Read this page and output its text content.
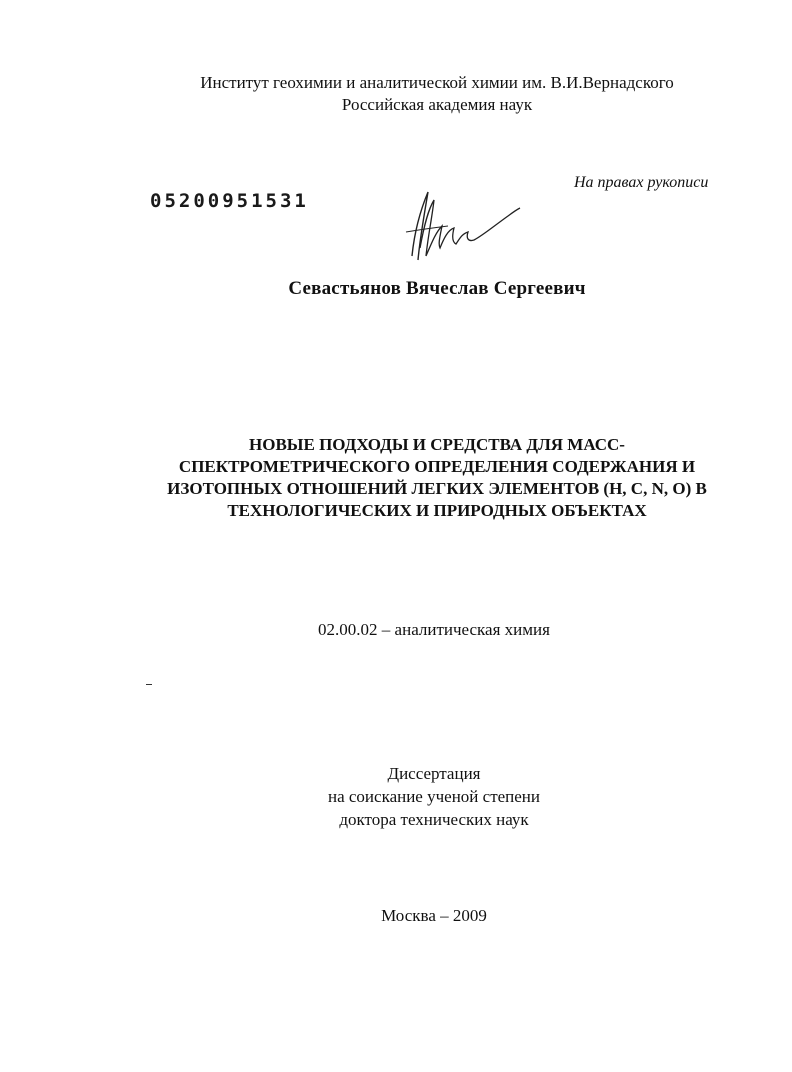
Институт геохимии и аналитической химии им. В.И.Вернадского
Российская академия наук
На правах рукописи
05200951531
Севастьянов Вячеслав Сергеевич
НОВЫЕ ПОДХОДЫ И СРЕДСТВА ДЛЯ МАСС-
СПЕКТРОМЕТРИЧЕСКОГО ОПРЕДЕЛЕНИЯ СОДЕРЖАНИЯ И
ИЗОТОПНЫХ ОТНОШЕНИЙ ЛЕГКИХ ЭЛЕМЕНТОВ (H, C, N, O) В
ТЕХНОЛОГИЧЕСКИХ И ПРИРОДНЫХ ОБЪЕКТАХ
02.00.02 – аналитическая химия
Диссертация
на соискание ученой степени
доктора технических наук
Москва – 2009
